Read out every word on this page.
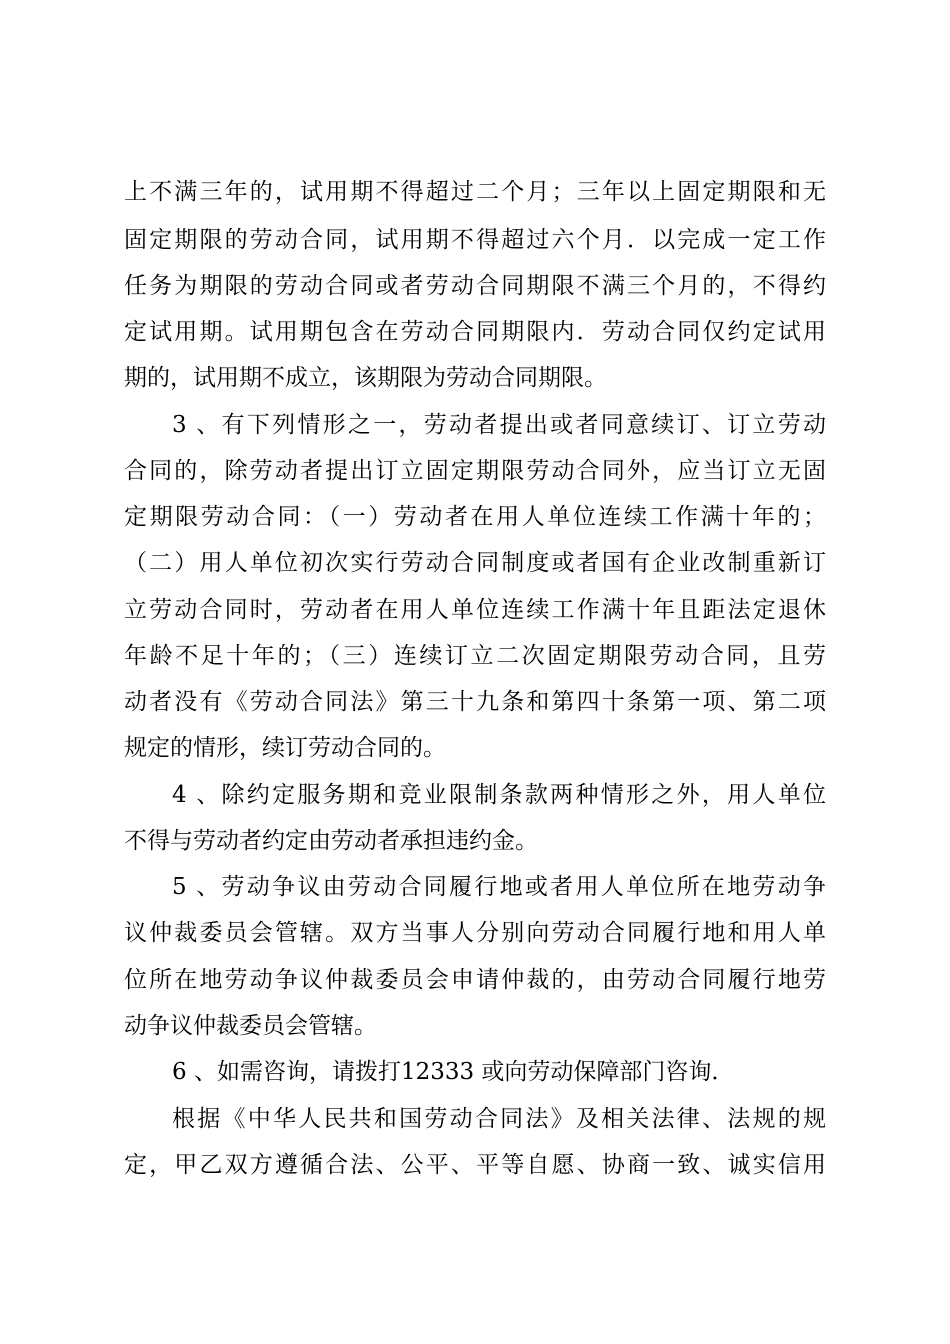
上不满三年的，试用期不得超过二个月；三年以上固定期限和无

固定期限的劳动合同，试用期不得超过六个月．以完成一定工作

任务为期限的劳动合同或者劳动合同期限不满三个月的，不得约

定试用期。试用期包含在劳动合同期限内．劳动合同仅约定试用

期的，试用期不成立，该期限为劳动合同期限。

3 、有下列情形之一，劳动者提出或者同意续订、订立劳动

合同的，除劳动者提出订立固定期限劳动合同外，应当订立无固

定期限劳动合同：（一）劳动者在用人单位连续工作满十年的；

（二）用人单位初次实行劳动合同制度或者国有企业改制重新订

立劳动合同时，劳动者在用人单位连续工作满十年且距法定退休

年龄不足十年的；（三）连续订立二次固定期限劳动合同，且劳

动者没有《劳动合同法》第三十九条和第四十条第一项、第二项

规定的情形，续订劳动合同的。

4 、除约定服务期和竞业限制条款两种情形之外，用人单位

不得与劳动者约定由劳动者承担违约金。

5 、劳动争议由劳动合同履行地或者用人单位所在地劳动争

议仲裁委员会管辖。双方当事人分别向劳动合同履行地和用人单

位所在地劳动争议仲裁委员会申请仲裁的，由劳动合同履行地劳

动争议仲裁委员会管辖。

6 、如需咨询，请拨打12333 或向劳动保障部门咨询．

根据《中华人民共和国劳动合同法》及相关法律、法规的规

定，甲乙双方遵循合法、公平、平等自愿、协商一致、诚实信用
